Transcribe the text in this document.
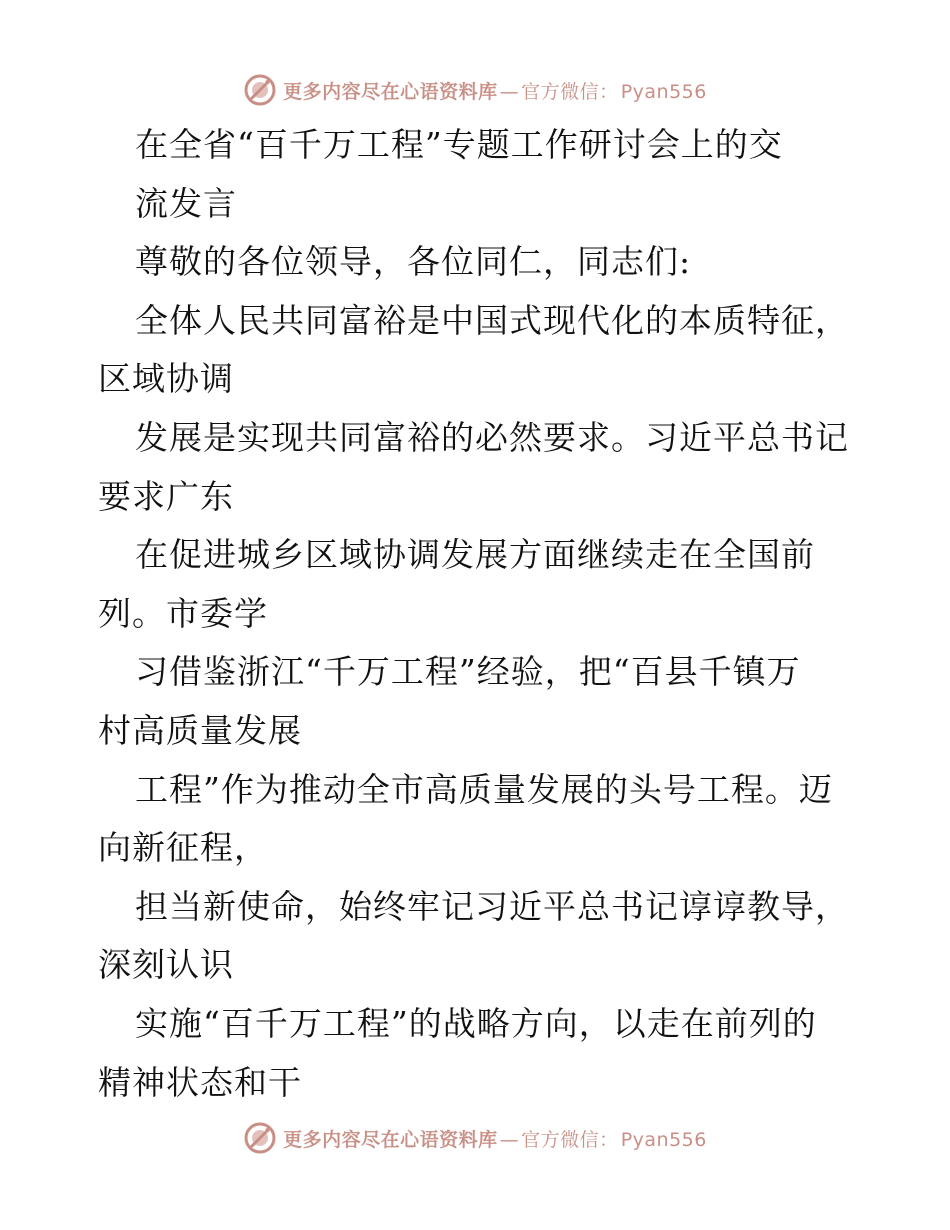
更多内容尽在心语资料库 — 官方微信： Pyan556
在全省“百千万工程”专题工作研讨会上的交
流发言
尊敬的各位领导，各位同仁，同志们:
全体人民共同富裕是中国式现代化的本质特征，
区域协调
发展是实现共同富裕的必然要求。习近平总书记
要求广东
在促进城乡区域协调发展方面继续走在全国前
列。市委学
习借鉴浙江“千万工程”经验，把“百县千镇万
村高质量发展
工程”作为推动全市高质量发展的头号工程。迈
向新征程，
担当新使命，始终牢记习近平总书记谆谆教导，
深刻认识
实施“百千万工程”的战略方向，以走在前列的
精神状态和干
更多内容尽在心语资料库 — 官方微信： Pyan556
